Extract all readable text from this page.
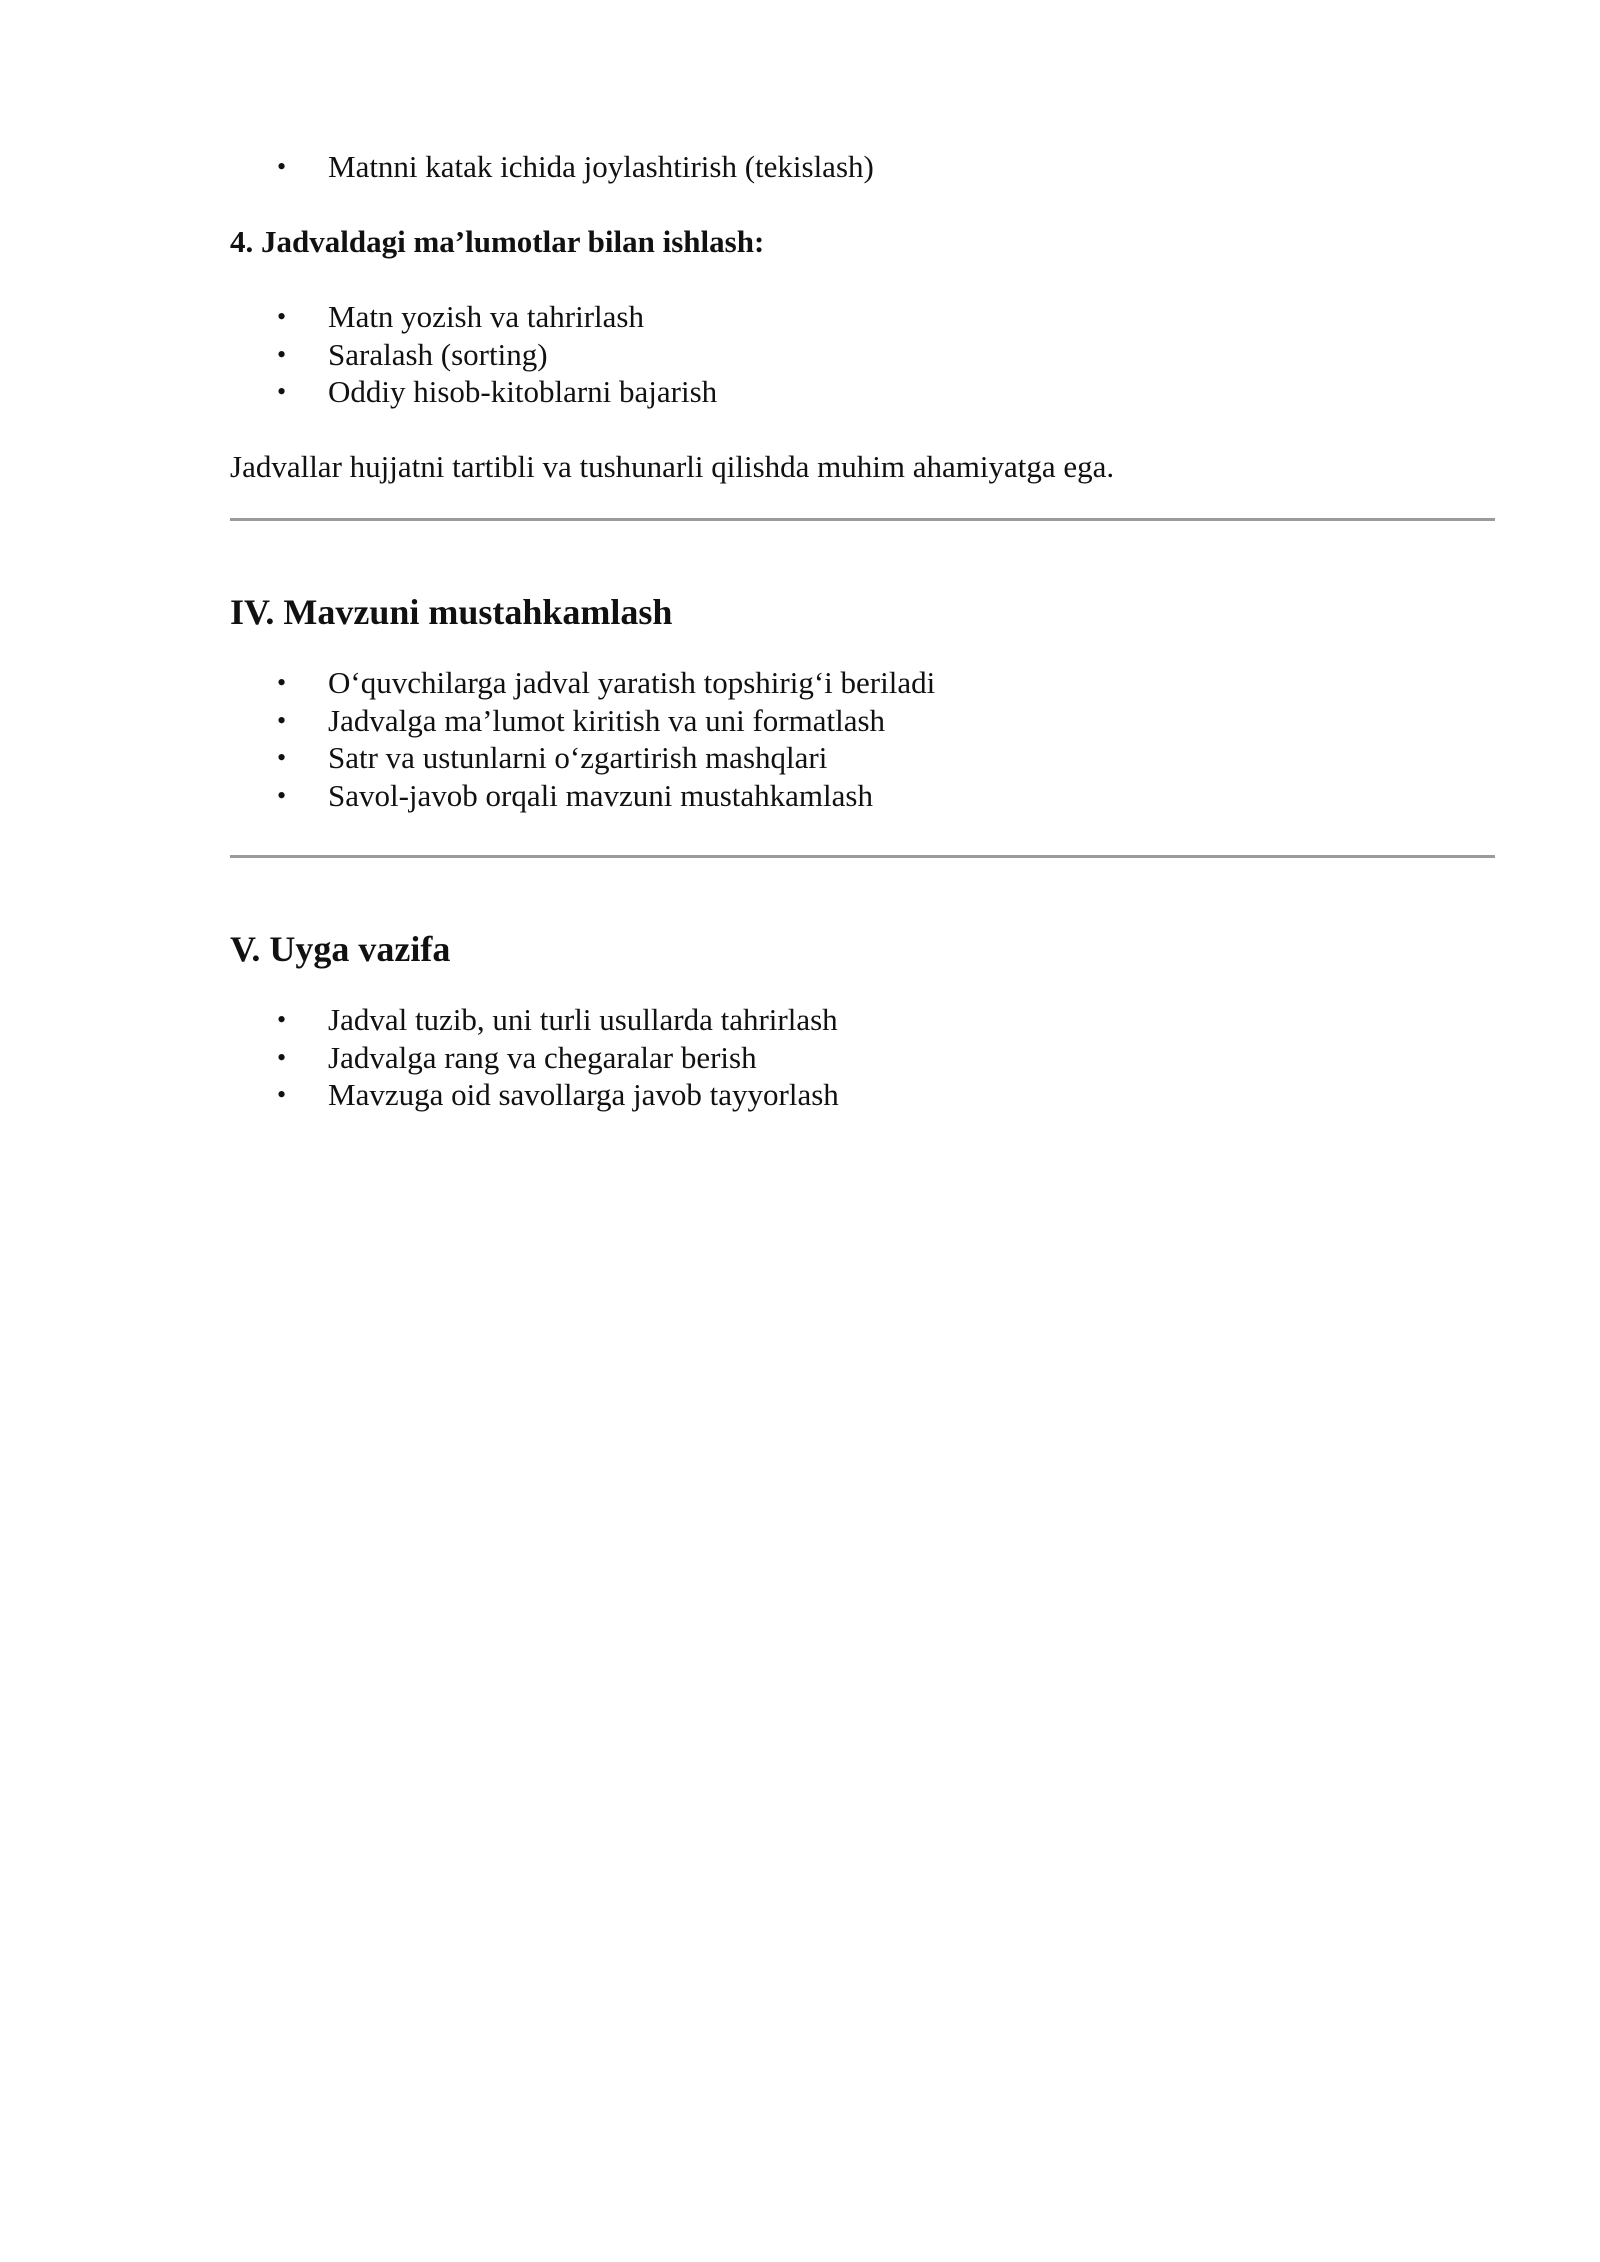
• Matnni katak ichida joylashtirish (tekislash)
4. Jadvaldagi ma’lumotlar bilan ishlash:
• Matn yozish va tahrirlash
• Saralash (sorting)
• Oddiy hisob-kitoblarni bajarish

Jadvallar hujjatni tartibli va tushunarli qilishda muhim ahamiyatga ega.

IV. Mavzuni mustahkamlash
• O‘quvchilarga jadval yaratish topshirig‘i beriladi
• Jadvalga ma’lumot kiritish va uni formatlash
• Satr va ustunlarni o‘zgartirish mashqlari
• Savol-javob orqali mavzuni mustahkamlash
V. Uyga vazifa
• Jadval tuzib, uni turli usullarda tahrirlash
• Jadvalga rang va chegaralar berish
• Mavzuga oid savollarga javob tayyorlash
